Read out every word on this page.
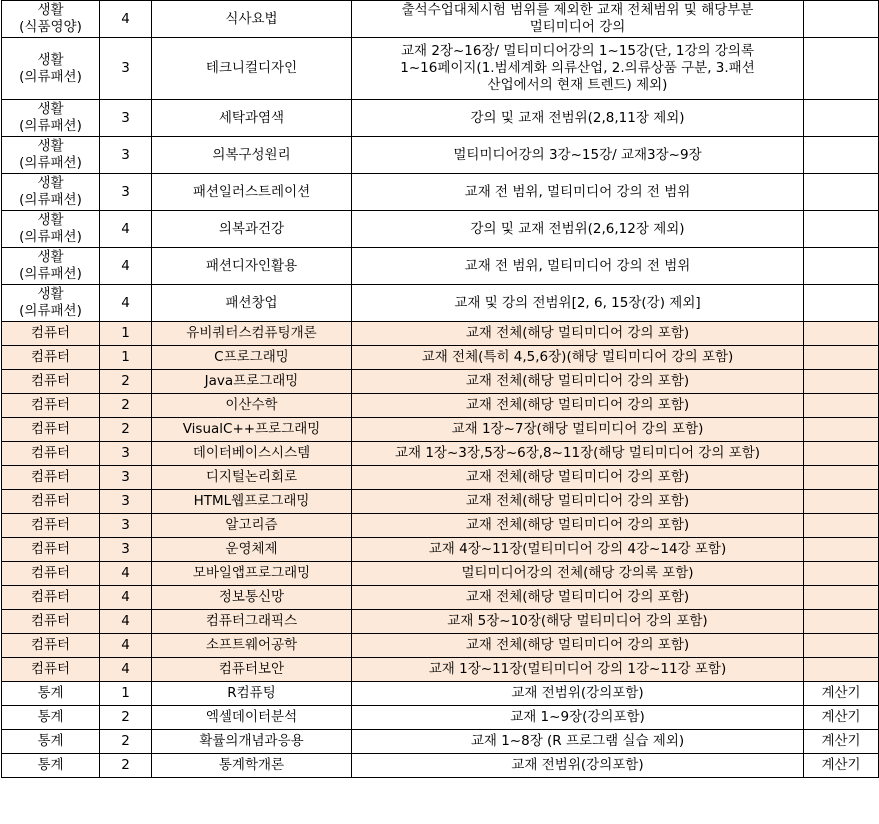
생활
(식품영양)	4	식사요법	출석수업대체시험 범위를 제외한 교재 전체범위 및 해당부분
멀티미디어 강의	
생활
(의류패션)	3	테크니컬디자인	교재 2장~16장/ 멀티미디어강의 1~15강(단, 1강의 강의록
1~16페이지(1.범세계화 의류산업, 2.의류상품 구분, 3.패션
산업에서의 현재 트렌드) 제외)	
생활
(의류패션)	3	세탁과염색	강의 및 교재 전범위(2,8,11장 제외)	
생활
(의류패션)	3	의복구성원리	멀티미디어강의 3강~15강/ 교재3장~9장	
생활
(의류패션)	3	패션일러스트레이션	교재 전 범위, 멀티미디어 강의 전 범위	
생활
(의류패션)	4	의복과건강	강의 및 교재 전범위(2,6,12장 제외)	
생활
(의류패션)	4	패션디자인활용	교재 전 범위, 멀티미디어 강의 전 범위	
생활
(의류패션)	4	패션창업	교재 및 강의 전범위[2, 6, 15장(강) 제외]	
컴퓨터	1	유비쿼터스컴퓨팅개론	교재 전체(해당 멀티미디어 강의 포함)	
컴퓨터	1	C프로그래밍	교재 전체(특히 4,5,6장)(해당 멀티미디어 강의 포함)	
컴퓨터	2	Java프로그래밍	교재 전체(해당 멀티미디어 강의 포함)	
컴퓨터	2	이산수학	교재 전체(해당 멀티미디어 강의 포함)	
컴퓨터	2	VisualC++프로그래밍	교재 1장~7장(해당 멀티미디어 강의 포함)	
컴퓨터	3	데이터베이스시스템	교재 1장~3장,5장~6장,8~11장(해당 멀티미디어 강의 포함)	
컴퓨터	3	디지털논리회로	교재 전체(해당 멀티미디어 강의 포함)	
컴퓨터	3	HTML웹프로그래밍	교재 전체(해당 멀티미디어 강의 포함)	
컴퓨터	3	알고리즘	교재 전체(해당 멀티미디어 강의 포함)	
컴퓨터	3	운영체제	교재 4장~11장(멀티미디어 강의 4강~14강 포함)	
컴퓨터	4	모바일앱프로그래밍	멀티미디어강의 전체(해당 강의록 포함)	
컴퓨터	4	정보통신망	교재 전체(해당 멀티미디어 강의 포함)	
컴퓨터	4	컴퓨터그래픽스	교재 5장~10장(해당 멀티미디어 강의 포함)	
컴퓨터	4	소프트웨어공학	교재 전체(해당 멀티미디어 강의 포함)	
컴퓨터	4	컴퓨터보안	교재 1장~11장(멀티미디어 강의 1강~11강 포함)	
통계	1	R컴퓨팅	교재 전범위(강의포함)	계산기
통계	2	엑셀데이터분석	교재 1~9장(강의포함)	계산기
통계	2	확률의개념과응용	교재 1~8장 (R 프로그램 실습 제외)	계산기
통계	2	통계학개론	교재 전범위(강의포함)	계산기
